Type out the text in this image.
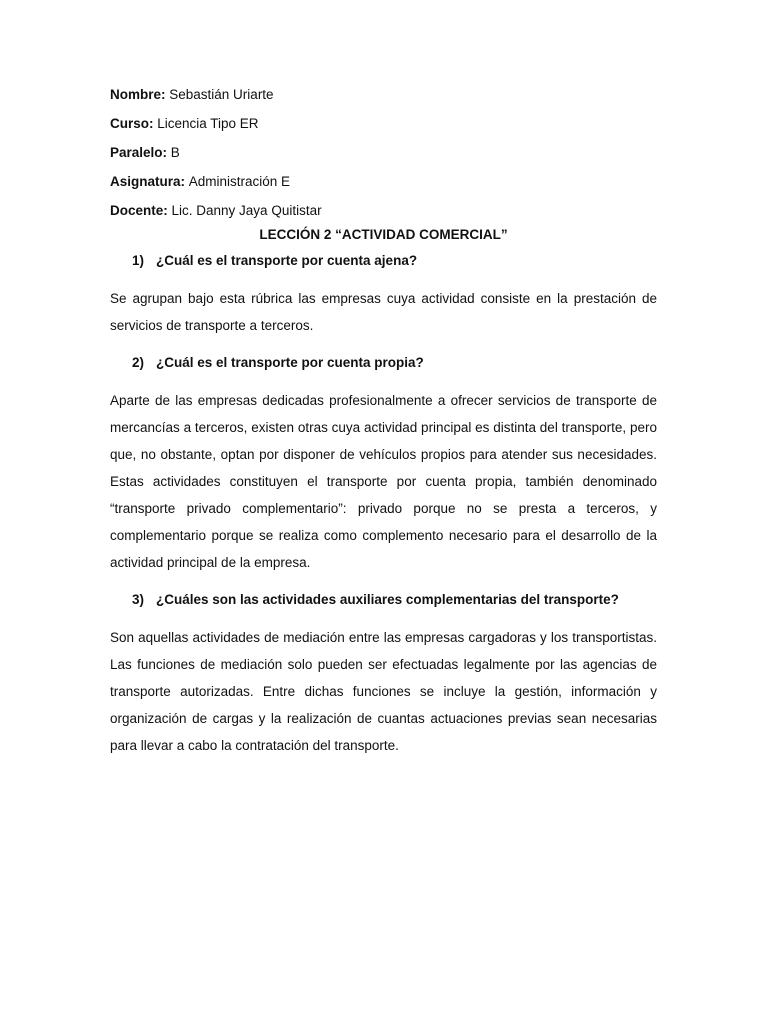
Nombre: Sebastián Uriarte
Curso: Licencia Tipo ER
Paralelo: B
Asignatura: Administración E
Docente: Lic. Danny Jaya Quitistar
LECCIÓN 2 “ACTIVIDAD COMERCIAL”
1) ¿Cuál es el transporte por cuenta ajena?
Se agrupan bajo esta rúbrica las empresas cuya actividad consiste en la prestación de servicios de transporte a terceros.
2) ¿Cuál es el transporte por cuenta propia?
Aparte de las empresas dedicadas profesionalmente a ofrecer servicios de transporte de mercancías a terceros, existen otras cuya actividad principal es distinta del transporte, pero que, no obstante, optan por disponer de vehículos propios para atender sus necesidades. Estas actividades constituyen el transporte por cuenta propia, también denominado “transporte privado complementario”: privado porque no se presta a terceros, y complementario porque se realiza como complemento necesario para el desarrollo de la actividad principal de la empresa.
3) ¿Cuáles son las actividades auxiliares complementarias del transporte?
Son aquellas actividades de mediación entre las empresas cargadoras y los transportistas. Las funciones de mediación solo pueden ser efectuadas legalmente por las agencias de transporte autorizadas. Entre dichas funciones se incluye la gestión, información y organización de cargas y la realización de cuantas actuaciones previas sean necesarias para llevar a cabo la contratación del transporte.
